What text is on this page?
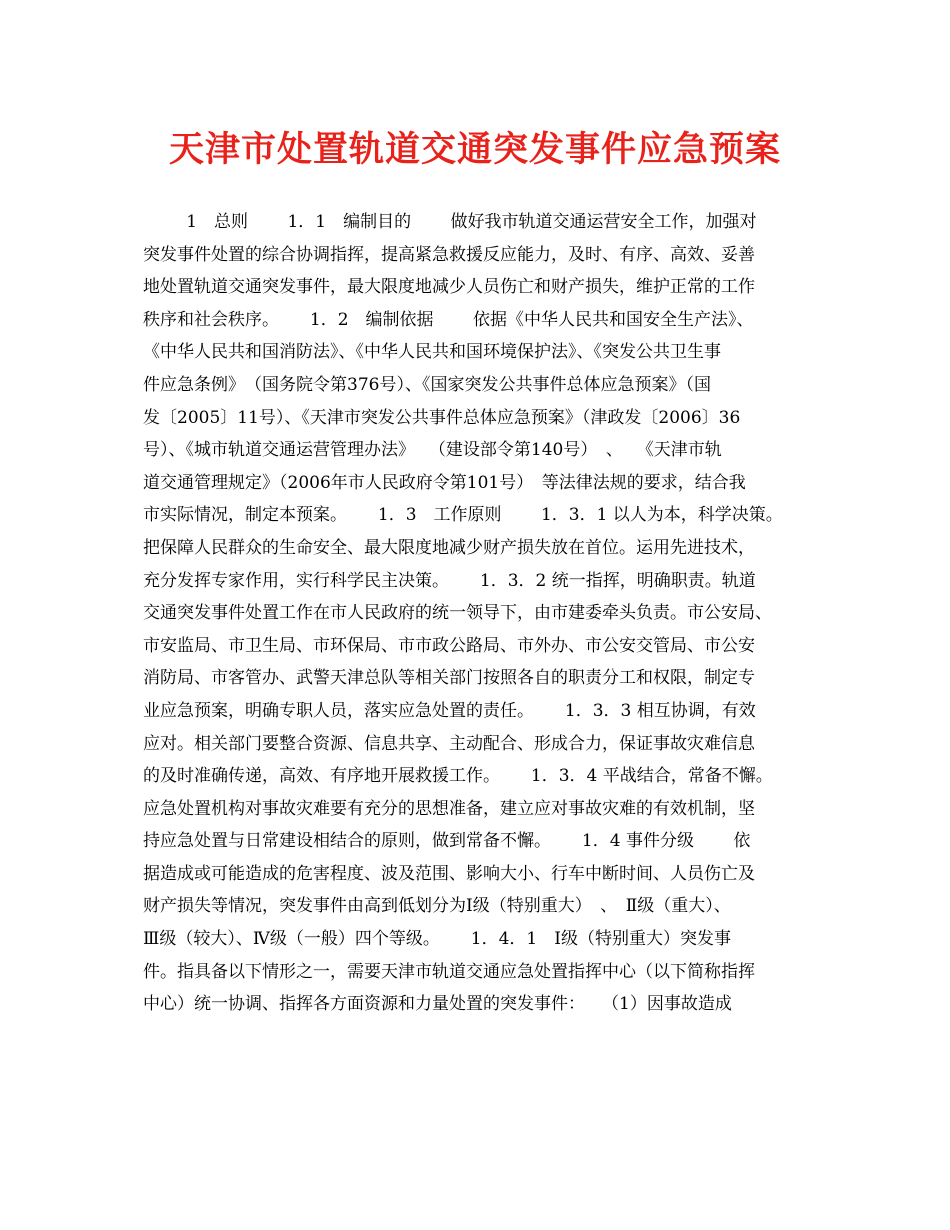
天津市处置轨道交通突发事件应急预案
1　总则　　 1．1　编制目的　　 做好我市轨道交通运营安全工作，加强对
突发事件处置的综合协调指挥，提高紧急救援反应能力，及时、有序、高效、妥善
地处置轨道交通突发事件，最大限度地减少人员伤亡和财产损失，维护正常的工作
秩序和社会秩序。　　 1．2　编制依据　　 依据《中华人民共和国安全生产法》、
《中华人民共和国消防法》、《中华人民共和国环境保护法》、《突发公共卫生事
件应急条例》　（国务院令第376号）、《国家突发公共事件总体应急预案》（国
发〔2005〕11号）、《天津市突发公共事件总体应急预案》（津政发〔2006〕36
号）、《城市轨道交通运营管理办法》　 （建设部令第140号）　、　 《天津市轨
道交通管理规定》（2006年市人民政府令第101号）　等法律法规的要求，结合我
市实际情况，制定本预案。　　 1．3　工作原则　　 1．3．1 以人为本，科学决策。
把保障人民群众的生命安全、最大限度地减少财产损失放在首位。运用先进技术，
充分发挥专家作用，实行科学民主决策。　　 1．3．2 统一指挥，明确职责。轨道
交通突发事件处置工作在市人民政府的统一领导下，由市建委牵头负责。市公安局、
市安监局、市卫生局、市环保局、市市政公路局、市外办、市公安交管局、市公安
消防局、市客管办、武警天津总队等相关部门按照各自的职责分工和权限，制定专
业应急预案，明确专职人员，落实应急处置的责任。　　 1．3．3 相互协调，有效
应对。相关部门要整合资源、信息共享、主动配合、形成合力，保证事故灾难信息
的及时准确传递，高效、有序地开展救援工作。　　 1．3．4 平战结合，常备不懈。
应急处置机构对事故灾难要有充分的思想准备，建立应对事故灾难的有效机制，坚
持应急处置与日常建设相结合的原则，做到常备不懈。　　 1．4 事件分级　　 依
据造成或可能造成的危害程度、波及范围、影响大小、行车中断时间、人员伤亡及
财产损失等情况，突发事件由高到低划分为Ⅰ级（特别重大）　、　Ⅱ级（重大）、
Ⅲ级（较大）、Ⅳ级（一般）四个等级。　　 1．4．1　Ⅰ级（特别重大）突发事
件。指具备以下情形之一，需要天津市轨道交通应急处置指挥中心（以下简称指挥
中心）统一协调、指挥各方面资源和力量处置的突发事件：　　（1）因事故造成
